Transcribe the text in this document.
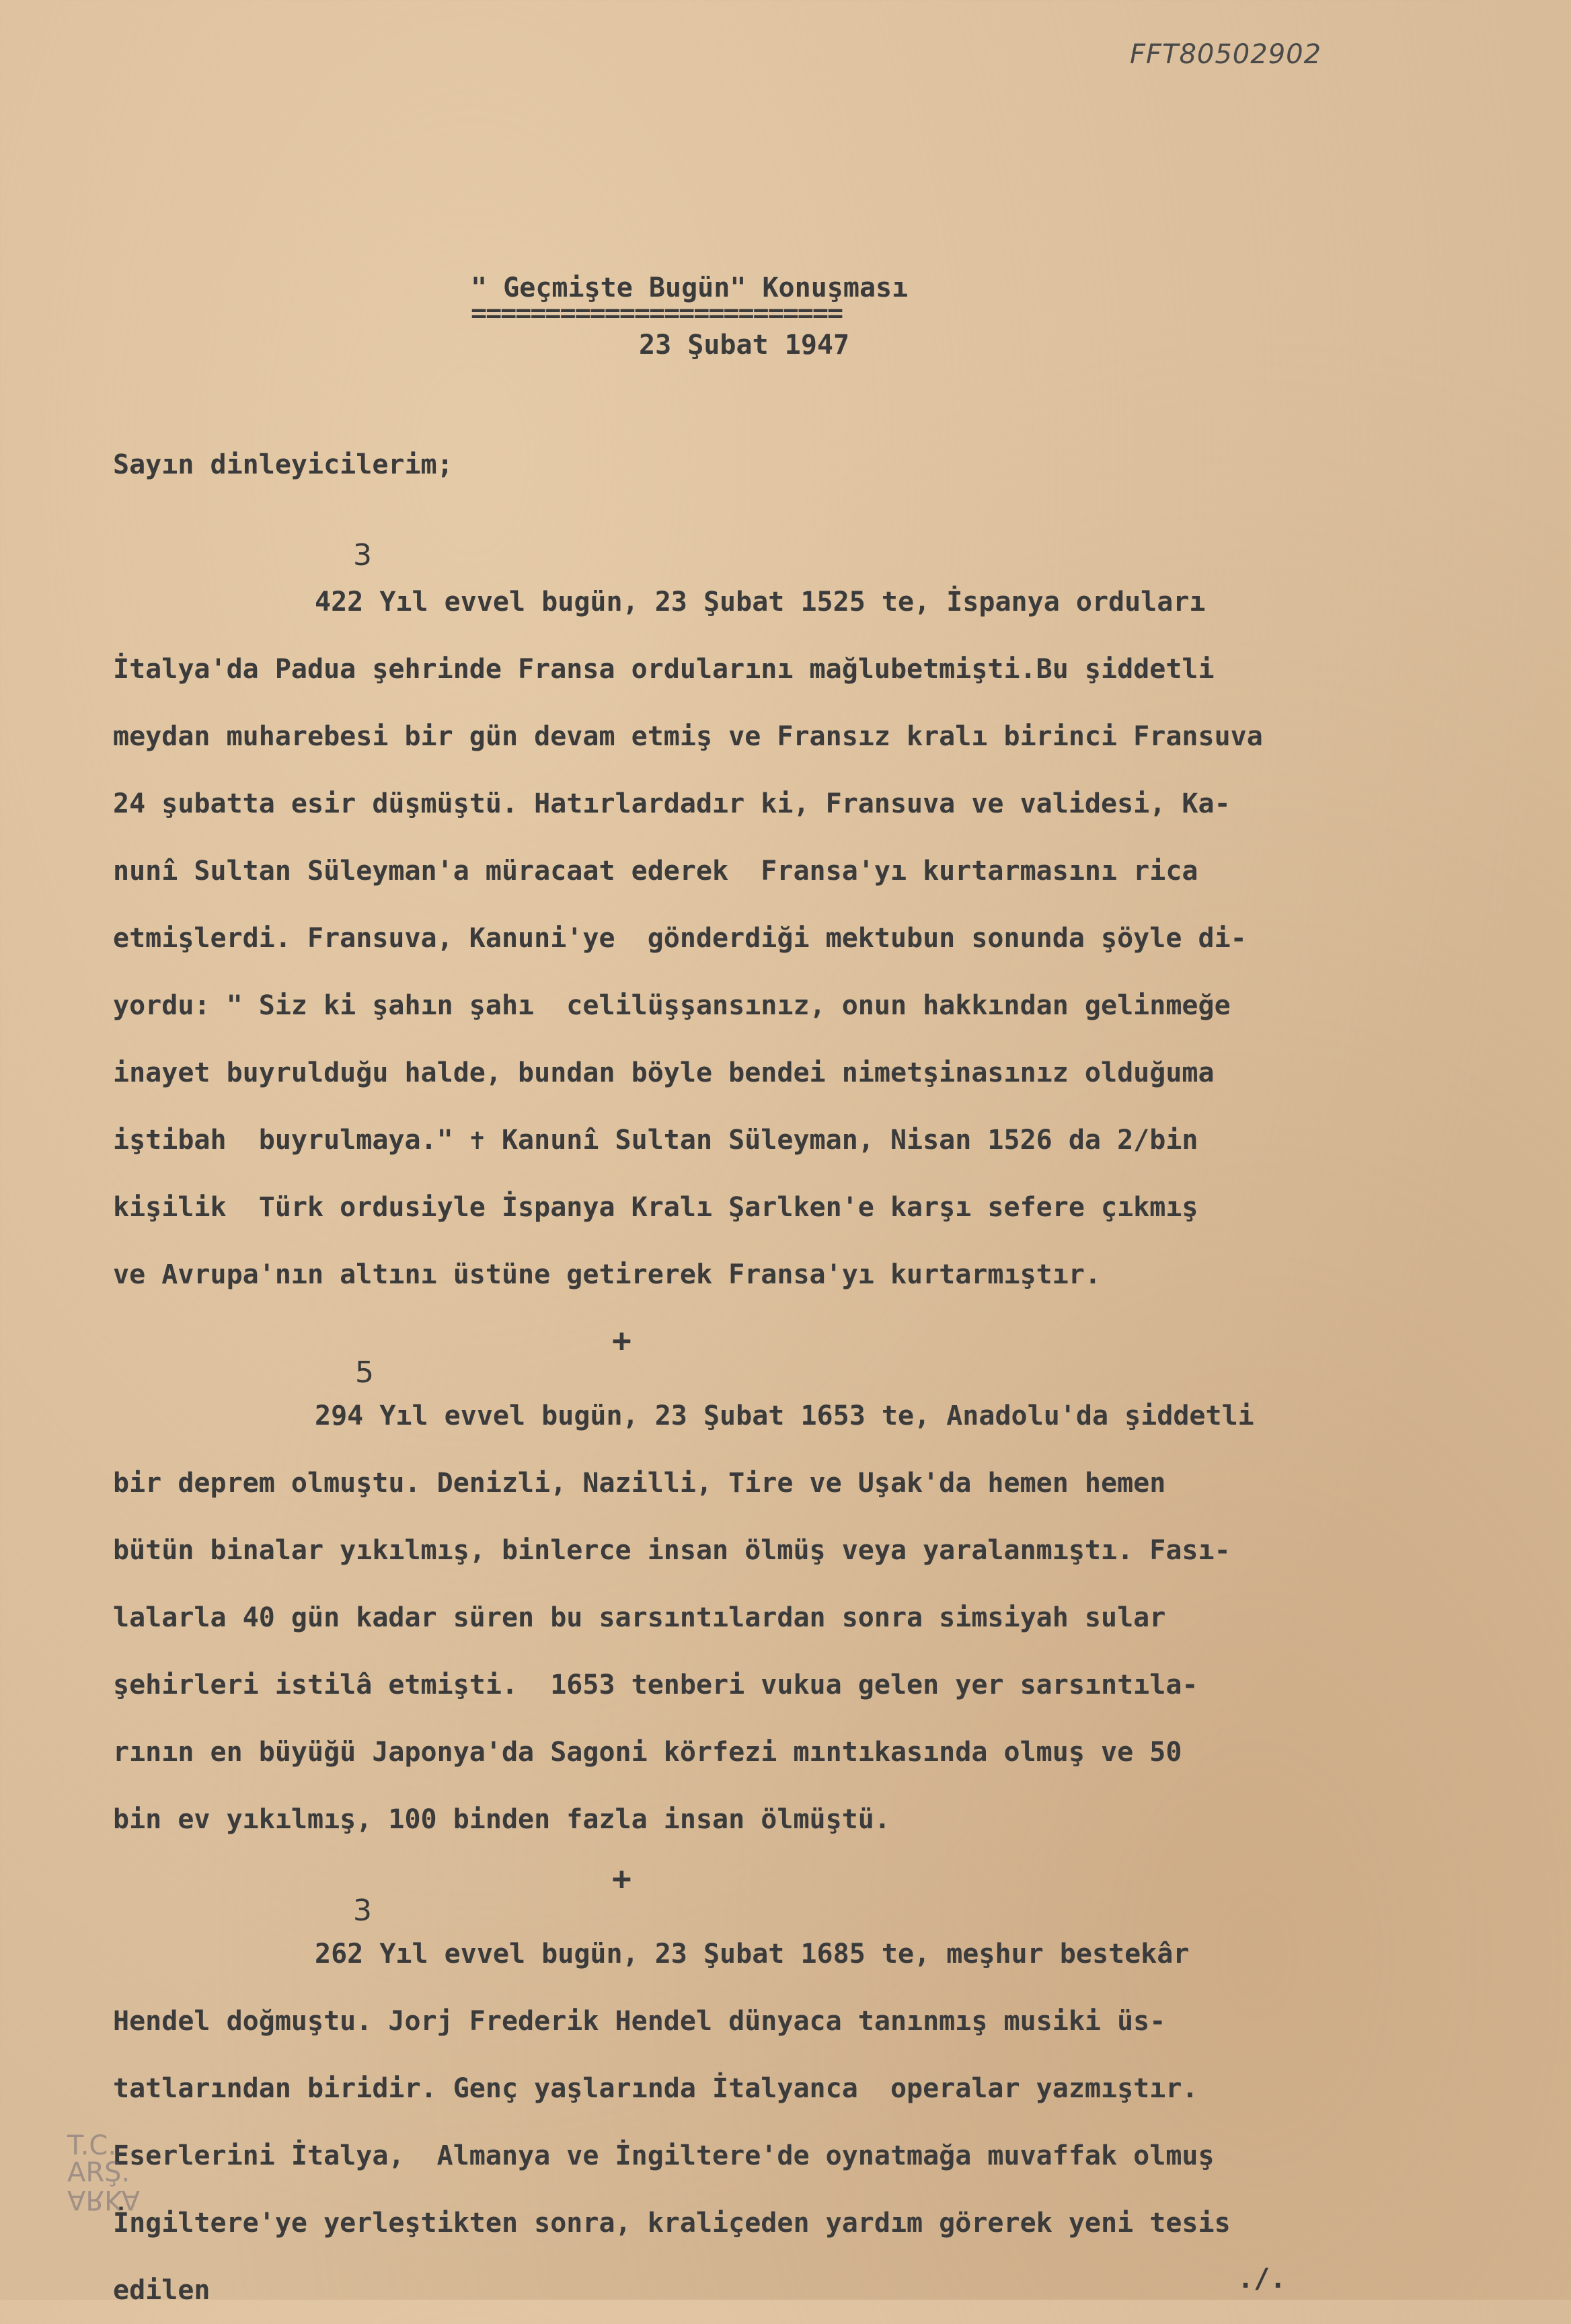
FFT80502902
" Geçmişte Bugün" Konuşması
=========================
23 Şubat 1947
Sayın dinleyicilerim;
3
422 Yıl evvel bugün, 23 Şubat 1525 te, İspanya orduları
İtalya'da Padua şehrinde Fransa ordularını mağlubetmişti.Bu şiddetli
meydan muharebesi bir gün devam etmiş ve Fransız kralı birinci Fransuva
24 şubatta esir düşmüştü. Hatırlardadır ki, Fransuva ve validesi, Ka-
nunî Sultan Süleyman'a müracaat ederek  Fransa'yı kurtarmasını rica
etmişlerdi. Fransuva, Kanuni'ye  gönderdiği mektubun sonunda şöyle di-
yordu: " Siz ki şahın şahı  celilüşşansınız, onun hakkından gelinmeğe
inayet buyrulduğu halde, bundan böyle bendei nimetşinasınız olduğuma
iştibah  buyrulmaya." ✝ Kanunî Sultan Süleyman, Nisan 1526 da 2/bin
kişilik  Türk ordusiyle İspanya Kralı Şarlken'e karşı sefere çıkmış
ve Avrupa'nın altını üstüne getirerek Fransa'yı kurtarmıştır.
+
5
294 Yıl evvel bugün, 23 Şubat 1653 te, Anadolu'da şiddetli
bir deprem olmuştu. Denizli, Nazilli, Tire ve Uşak'da hemen hemen
bütün binalar yıkılmış, binlerce insan ölmüş veya yaralanmıştı. Fası-
lalarla 40 gün kadar süren bu sarsıntılardan sonra simsiyah sular
şehirleri istilâ etmişti.  1653 tenberi vukua gelen yer sarsıntıla-
rının en büyüğü Japonya'da Sagoni körfezi mıntıkasında olmuş ve 50
bin ev yıkılmış, 100 binden fazla insan ölmüştü.
+
3
262 Yıl evvel bugün, 23 Şubat 1685 te, meşhur bestekâr
Hendel doğmuştu. Jorj Frederik Hendel dünyaca tanınmış musiki üs-
tatlarından biridir. Genç yaşlarında İtalyanca  operalar yazmıştır.
Eserlerini İtalya,  Almanya ve İngiltere'de oynatmağa muvaffak olmuş
İngiltere'ye yerleştikten sonra, kraliçeden yardım görerek yeni tesis
edilen
T.C.
ARŞ.
ARKA
./.
